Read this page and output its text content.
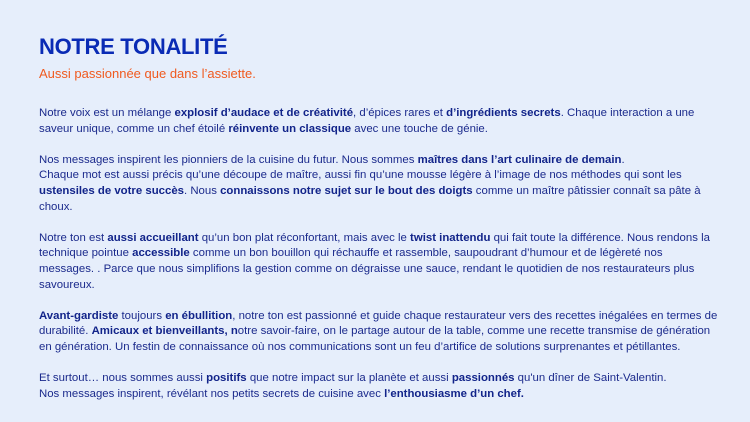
NOTRE TONALITÉ

Aussi passionnée que dans l’assiette.

Notre voix est un mélange explosif d’audace et de créativité, d’épices rares et d’ingrédients secrets. Chaque interaction a une saveur unique, comme un chef étoilé réinvente un classique avec une touche de génie.

Nos messages inspirent les pionniers de la cuisine du futur. Nous sommes maîtres dans l’art culinaire de demain.
Chaque mot est aussi précis qu’une découpe de maître, aussi fin qu’une mousse légère à l’image de nos méthodes qui sont les ustensiles de votre succès. Nous connaissons notre sujet sur le bout des doigts comme un maître pâtissier connaît sa pâte à choux.

Notre ton est aussi accueillant qu’un bon plat réconfortant, mais avec le twist inattendu qui fait toute la différence. Nous rendons la technique pointue accessible comme un bon bouillon qui réchauffe et rassemble, saupoudrant d’humour et de légèreté nos messages. . Parce que nous simplifions la gestion comme on dégraisse une sauce, rendant le quotidien de nos restaurateurs plus savoureux.

Avant-gardiste toujours en ébullition, notre ton est passionné et guide chaque restaurateur vers des recettes inégalées en termes de durabilité. Amicaux et bienveillants, notre savoir-faire, on le partage autour de la table, comme une recette transmise de génération en génération. Un festin de connaissance où nos communications sont un feu d’artifice de solutions surprenantes et pétillantes.

Et surtout… nous sommes aussi positifs que notre impact sur la planète et aussi passionnés qu'un dîner de Saint-Valentin.
Nos messages inspirent, révélant nos petits secrets de cuisine avec l’enthousiasme d’un chef.
